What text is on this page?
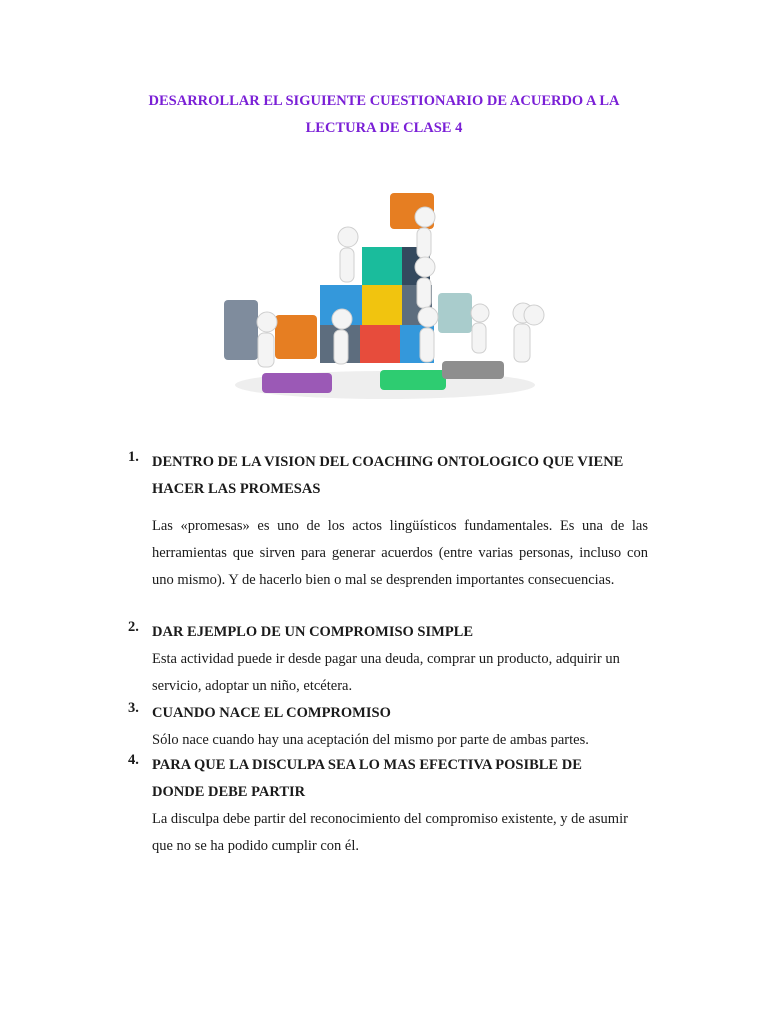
DESARROLLAR EL SIGUIENTE CUESTIONARIO DE ACUERDO A LA
LECTURA DE CLASE 4
1. DENTRO DE LA VISION DEL COACHING ONTOLOGICO QUE VIENE
HACER LAS PROMESAS
Las «promesas» es uno de los actos lingüísticos fundamentales. Es una de las herramientas que sirven para generar acuerdos (entre varias personas, incluso con uno mismo). Y de hacerlo bien o mal se desprenden importantes consecuencias.
2. DAR EJEMPLO DE UN COMPROMISO SIMPLE
Esta actividad puede ir desde pagar una deuda, comprar un producto, adquirir un
servicio, adoptar un niño, etcétera.
3. CUANDO NACE EL COMPROMISO
Sólo nace cuando hay una aceptación del mismo por parte de ambas partes.
4. PARA QUE LA DISCULPA SEA LO MAS EFECTIVA POSIBLE DE
DONDE DEBE PARTIR
La disculpa debe partir del reconocimiento del compromiso existente, y de asumir
que no se ha podido cumplir con él.
